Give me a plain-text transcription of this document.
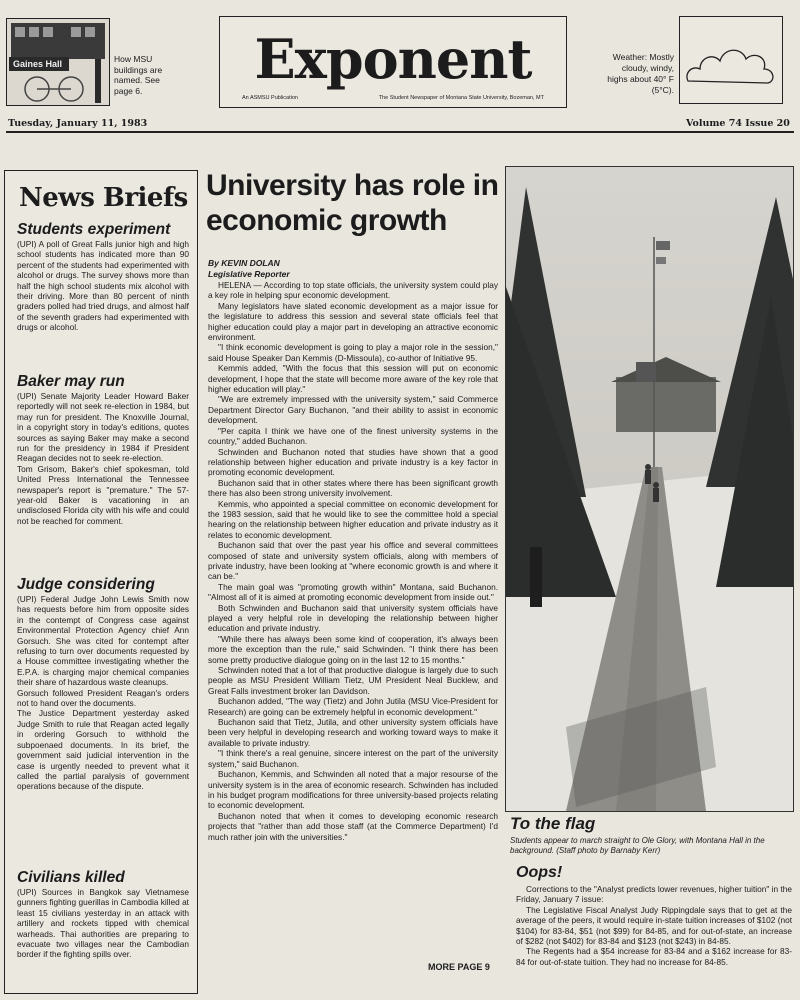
Gaines Hall	How MSU buildings are named. See page 6.	Exponent
An ASMSU Publication	The Student Newspaper of Montana State University, Bozeman, MT
Weather: Mostly cloudy, windy, highs about 40° F (5°C).
Tuesday, January 11, 1983	Volume 74 Issue 20
News Briefs
Students experiment

(UPI) A poll of Great Falls junior high and high school students has indicated more than 90 percent of the students had experimented with alcohol or drugs. The survey shows more than half the high school students mix alcohol with their driving. More than 80 percent of ninth graders polled had tried drugs, and almost half of the seventh graders had experimented with drugs or alcohol.

Baker may run

(UPI) Senate Majority Leader Howard Baker reportedly will not seek re-election in 1984, but may run for president. The Knoxville Journal, in a copyright story in today's editions, quotes sources as saying Baker may make a second run for the presidency in 1984 if President Reagan decides not to seek re-election.

Tom Grisom, Baker's chief spokesman, told United Press International the Tennessee newspaper's report is "premature." The 57-year-old Baker is vacationing in an undisclosed Florida city with his wife and could not be reached for comment.

Judge considering

(UPI) Federal Judge John Lewis Smith now has requests before him from opposite sides in the contempt of Congress case against Environmental Protection Agency chief Ann Gorsuch. She was cited for contempt after refusing to turn over documents requested by a House committee investigating whether the E.P.A. is charging major chemical companies their share of hazardous waste cleanups.

Gorsuch followed President Reagan's orders not to hand over the documents.

The Justice Department yesterday asked Judge Smith to rule that Reagan acted legally in ordering Gorsuch to withhold the subpoenaed documents. In its brief, the government said judicial intervention in the case is urgently needed to prevent what it called the partial paralysis of government operations because of the dispute.

Civilians killed

(UPI) Sources in Bangkok say Vietnamese gunners fighting guerillas in Cambodia killed at least 15 civilians yesterday in an attack with artillery and rockets tipped with chemical warheads. Thai authorities are preparing to evacuate two villages near the Cambodian border if the fighting spills over.

University has role in economic growth
By KEVIN DOLAN
Legislative Reporter

HELENA — According to top state officials, the university system could play a key role in helping spur economic development.

Many legislators have slated economic development as a major issue for the legislature to address this session and several state officials feel that higher education could play a major part in developing an attractive economic environment.

"I think economic development is going to play a major role in the session," said House Speaker Dan Kemmis (D-Missoula), co-author of Initiative 95.

Kemmis added, "With the focus that this session will put on economic development, I hope that the state will become more aware of the key role that higher education will play."

"We are extremely impressed with the university system," said Commerce Department Director Gary Buchanon, "and their ability to assist in economic development.

"Per capita I think we have one of the finest university systems in the country," added Buchanon.

Schwinden and Buchanon noted that studies have shown that a good relationship between higher education and private industry is a key factor in promoting economic development.

Buchanon said that in other states where there has been significant growth there has also been strong university involvement.

Kemmis, who appointed a special committee on economic development for the 1983 session, said that he would like to see the committee hold a special hearing on the relationship between higher education and private industry as it relates to economic development.

Buchanon said that over the past year his office and several committees composed of state and university system officials, along with members of private industry, have been looking at "where economic growth is and where it can be."

The main goal was "promoting growth within" Montana, said Buchanon. "Almost all of it is aimed at promoting economic development from inside out."

Both Schwinden and Buchanon said that university system officials have played a very helpful role in developing the relationship between higher education and private industry.

"While there has always been some kind of cooperation, it's always been more the exception than the rule," said Schwinden. "I think there has been some pretty productive dialogue going on in the last 12 to 15 months."

Schwinden noted that a lot of that productive dialogue is largely due to such people as MSU President William Tietz, UM President Neal Bucklew, and Great Falls investment broker Ian Davidson.

Buchanon added, "The way (Tietz) and John Jutila (MSU Vice-President for Research) are going can be extremely helpful in economic development."

Buchanon said that Tietz, Jutila, and other university system officials have been very helpful in developing research and working toward ways to make it available to private industry.

"I think there's a real genuine, sincere interest on the part of the university system," said Buchanon.

Buchanon, Kemmis, and Schwinden all noted that a major resourse of the university system is in the area of economic research. Schwinden has included in his budget program modifications for three university-based projects relating to economic development.

Buchanon noted that when it comes to developing economic research projects that "rather than add those staff (at the Commerce Department) I'd much rather join with the universities."

MORE PAGE 9
To the flag
Students appear to march straight to Ole Glory, with Montana Hall in the background. (Staff photo by Barnaby Kerr)
Oops!

Corrections to the "Analyst predicts lower revenues, higher tuition" in the Friday, January 7 issue:

The Legislative Fiscal Analyst Judy Rippingdale says that to get at the average of the peers, it would require in-state tuition increases of $102 (not $104) for 83-84, $51 (not $99) for 84-85, and for out-of-state, an increase of $282 (not $402) for 83-84 and $123 (not $243) in 84-85.

The Regents had a $54 increase for 83-84 and a $162 increase for 83-84 for out-of-state tuition. They had no increase for 84-85.
